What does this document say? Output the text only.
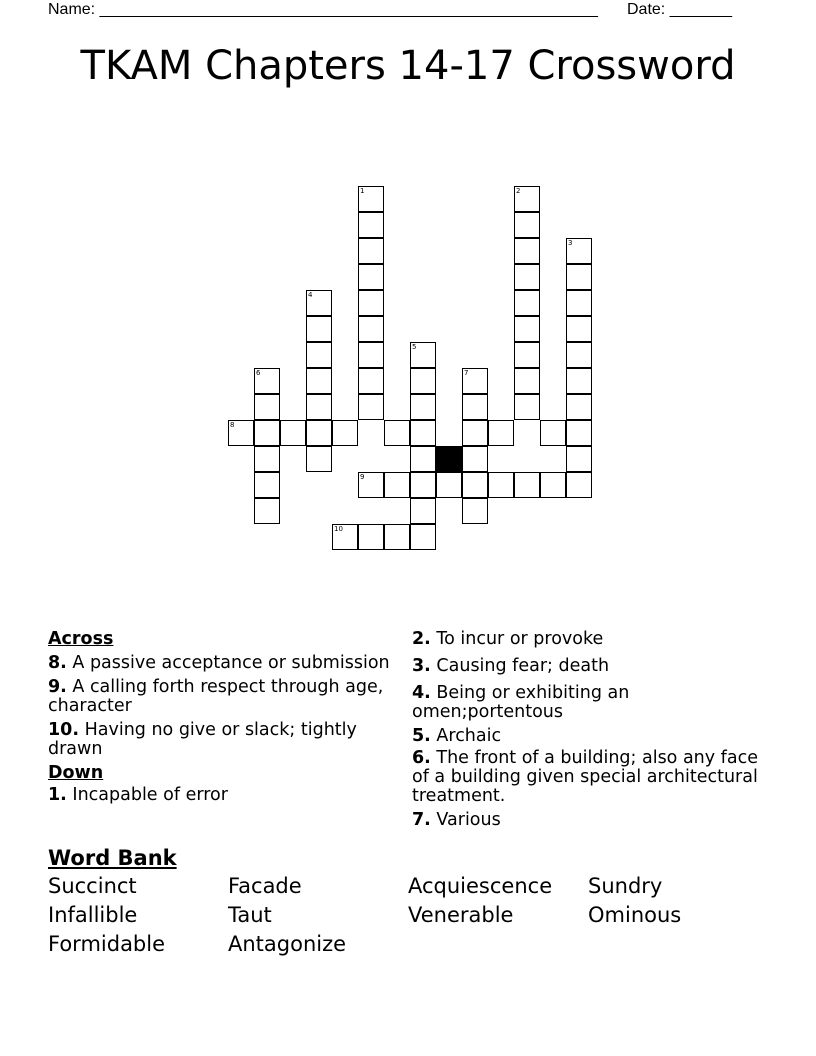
Name: ________________________________________________________ Date: _______
TKAM Chapters 14-17 Crossword
1	2
3
4
5
6	7
8
9
10
Across
8. A passive acceptance or submission
9. A calling forth respect through age, character
10. Having no give or slack; tightly drawn
Down
1. Incapable of error
2. To incur or provoke
3. Causing fear; death
4. Being or exhibiting an omen;portentous
5. Archaic
6. The front of a building; also any face of a building given special architectural treatment.
7. Various
Word Bank
Succinct	Facade	Acquiescence	Sundry
Infallible	Taut	Venerable	Ominous
Formidable	Antagonize
